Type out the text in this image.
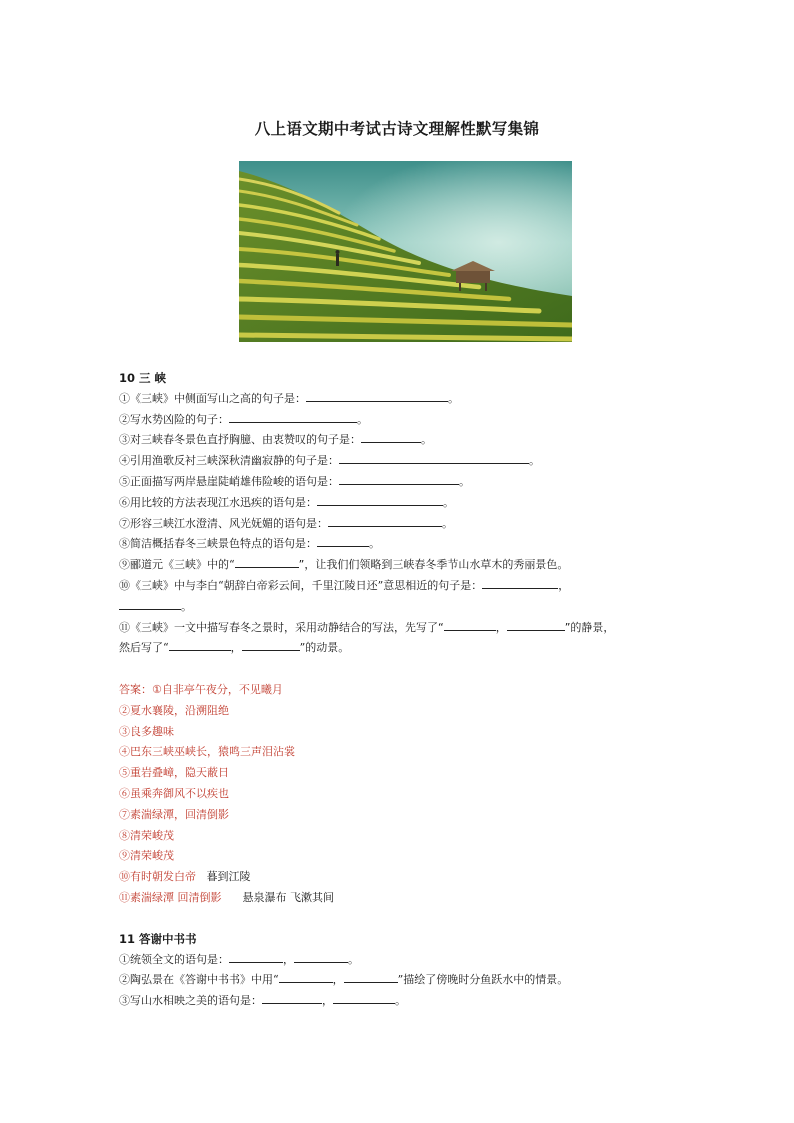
八上语文期中考试古诗文理解性默写集锦
10 三 峡
①《三峡》中侧面写山之高的句子是：	。
②写水势凶险的句子：	。
③对三峡春冬景色直抒胸臆、由衷赞叹的句子是：	。
④引用渔歌反衬三峡深秋清幽寂静的句子是：	。
⑤正面描写两岸悬崖陡峭雄伟险峻的语句是：	。
⑥用比较的方法表现江水迅疾的语句是：	。
⑦形容三峡江水澄清、风光妩媚的语句是：	。
⑧简洁概括春冬三峡景色特点的语句是：	。
⑨郦道元《三峡》中的“	”，让我们们领略到三峡春冬季节山水草木的秀丽景色。
⑩《三峡》中与李白“朝辞白帝彩云间，千里江陵日还”意思相近的句子是：	，
。
⑪《三峡》一文中描写春冬之景时，采用动静结合的写法，先写了“	，	”的静景，
然后写了“	，	”的动景。
答案：①自非亭午夜分，不见曦月
②夏水襄陵，沿溯阻绝
③良多趣味
④巴东三峡巫峡长，猿鸣三声泪沾裳
⑤重岩叠嶂，隐天蔽日
⑥虽乘奔御风不以疾也
⑦素湍绿潭，回清倒影
⑧清荣峻茂
⑨清荣峻茂
⑩有时朝发白帝 暮到江陵
⑪素湍绿潭 回清倒影 悬泉瀑布 飞漱其间
11 答谢中书书
①统领全文的语句是：	，	。
②陶弘景在《答谢中书书》中用“	，	”描绘了傍晚时分鱼跃水中的情景。
③写山水相映之美的语句是：	，	。
